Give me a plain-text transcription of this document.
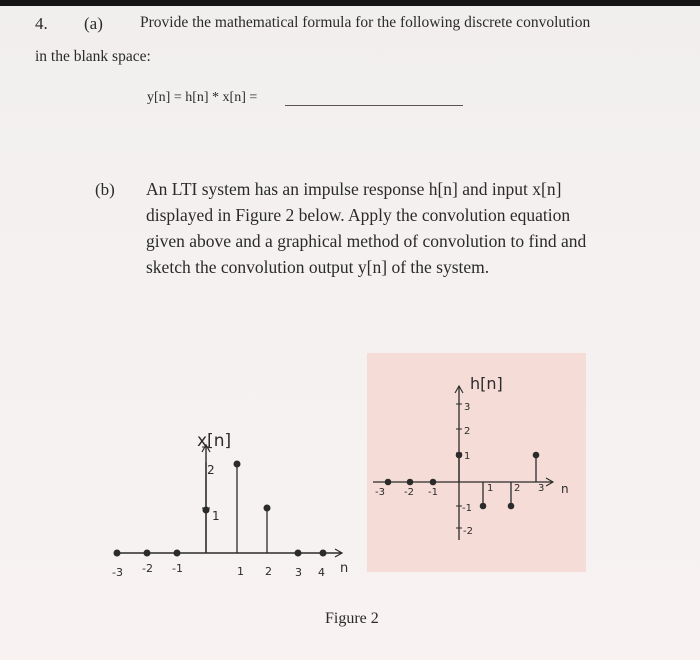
4. (a) Provide the mathematical formula for the following discrete convolution
in the blank space:
y[n] = h[n] * x[n] =
(b) An LTI system has an impulse response h[n] and input x[n]
displayed in Figure 2 below. Apply the convolution equation
given above and a graphical method of convolution to find and
sketch the convolution output y[n] of the system.
x[n]
n
2
1
-3 -2 -1	1 2 3 4
h[n]
n
3
2
1
-1
-2
-3 -2 -1	1 2 3
Figure 2
